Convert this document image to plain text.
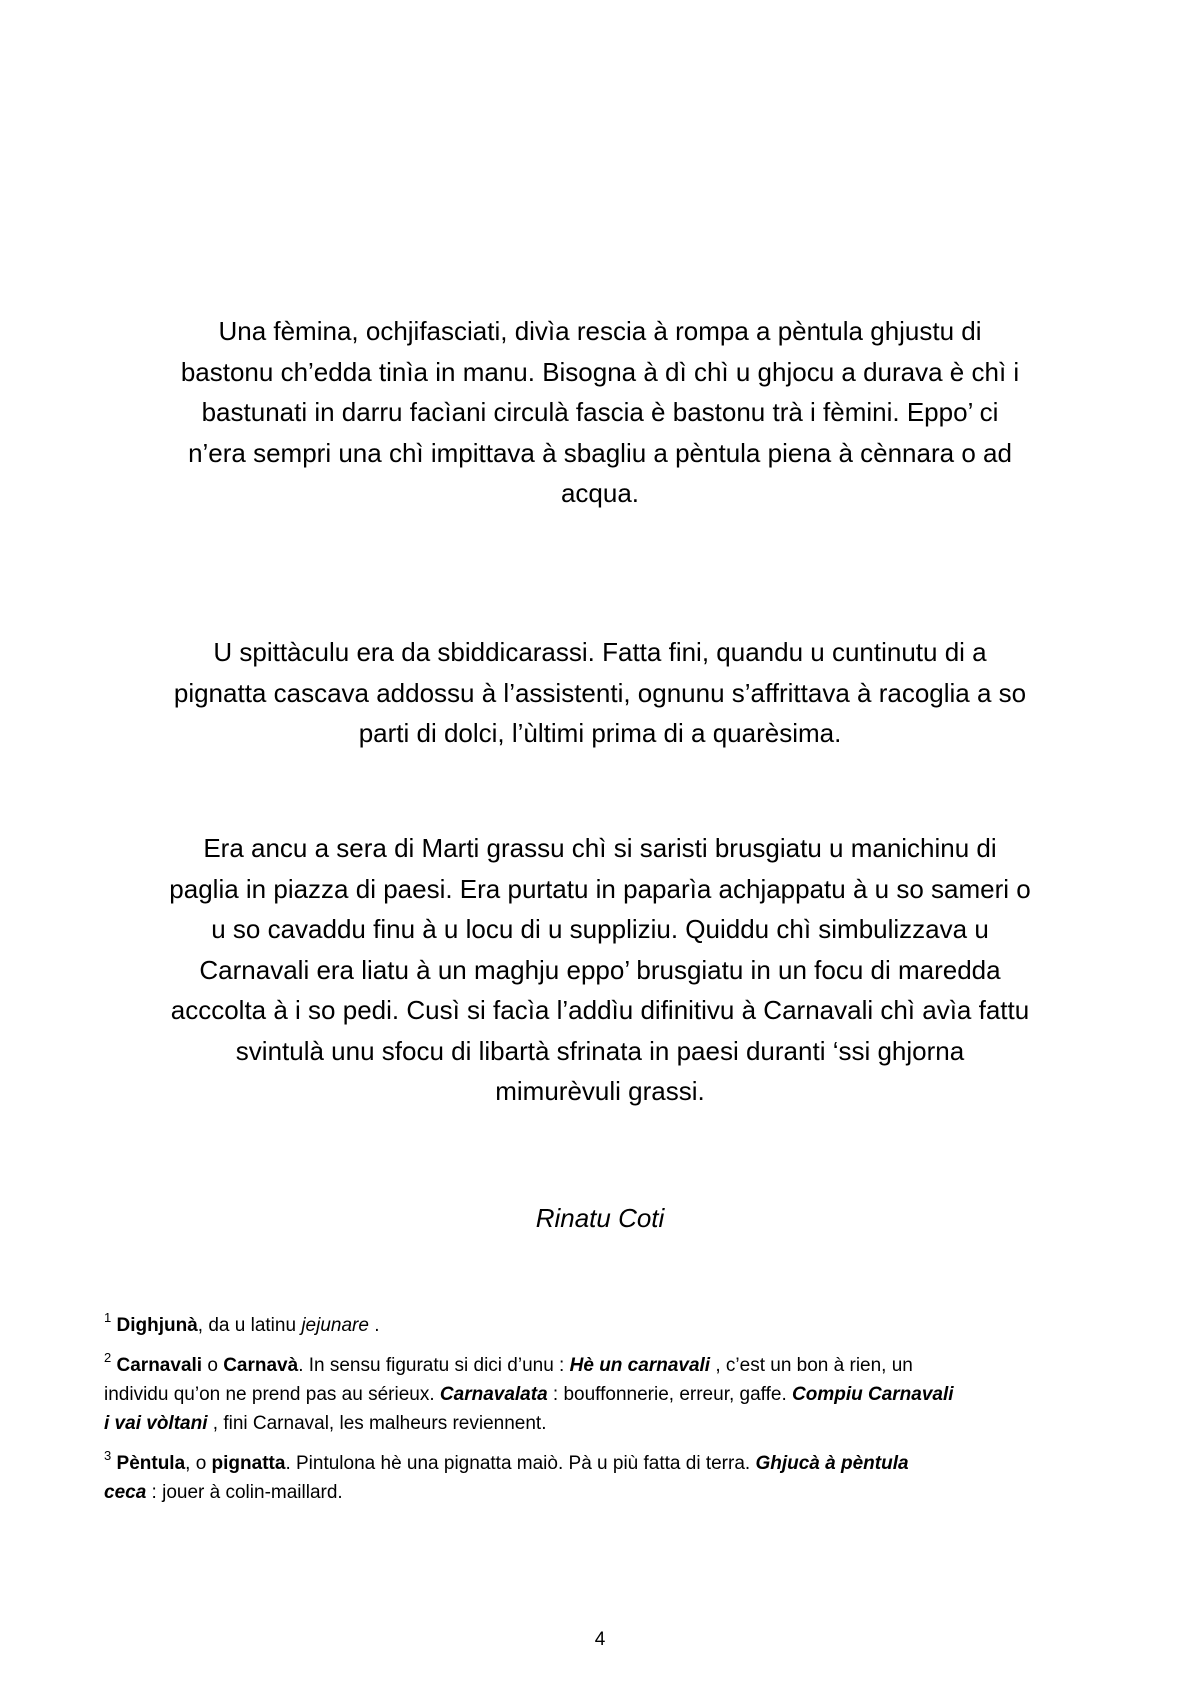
Una fèmina, ochjifasciati, divìa rescia à rompa a pèntula ghjustu di
bastonu ch’edda tinìa in manu. Bisogna à dì chì u ghjocu a durava è chì i
bastunati in darru facìani circulà fascia è bastonu trà i fèmini. Eppo’ ci
n’era sempri una chì impittava à sbagliu a pèntula piena à cènnara o ad
acqua.

U spittàculu era da sbiddicarassi. Fatta fini, quandu u cuntinutu di a
pignatta cascava addossu à l’assistenti, ognunu s’affrittava à racoglia a so
parti di dolci, l’ùltimi prima di a quarèsima.

Era ancu a sera di Marti grassu chì si saristi brusgiatu u manichinu di
paglia in piazza di paesi. Era purtatu in paparìa achjappatu à u so sameri o
u so cavaddu finu à u locu di u suppliziu. Quiddu chì simbulizzava u
Carnavali era liatu à un maghju eppo’ brusgiatu in un focu di maredda
acccolta à i so pedi. Cusì si facìa l’addìu difinitivu à Carnavali chì avìa fattu
svintulà unu sfocu di libartà sfrinata in paesi duranti ‘ssi ghjorna
mimurèvuli grassi.

Rinatu Coti

$^1$ Dighjunà, da u latinu jejunare .

$^2$ Carnavali o Carnavà. In sensu figuratu si dici d’unu : Hè un carnavali , c’est un bon à rien, un
individu qu’on ne prend pas au sérieux. Carnavalata : bouffonnerie, erreur, gaffe. Compiu Carnavali
i vai vòltani , fini Carnaval, les malheurs reviennent.

$^3$ Pèntula, o pignatta. Pintulona hè una pignatta maiò. Pà u più fatta di terra. Ghjucà à pèntula
ceca : jouer à colin-maillard.

4
